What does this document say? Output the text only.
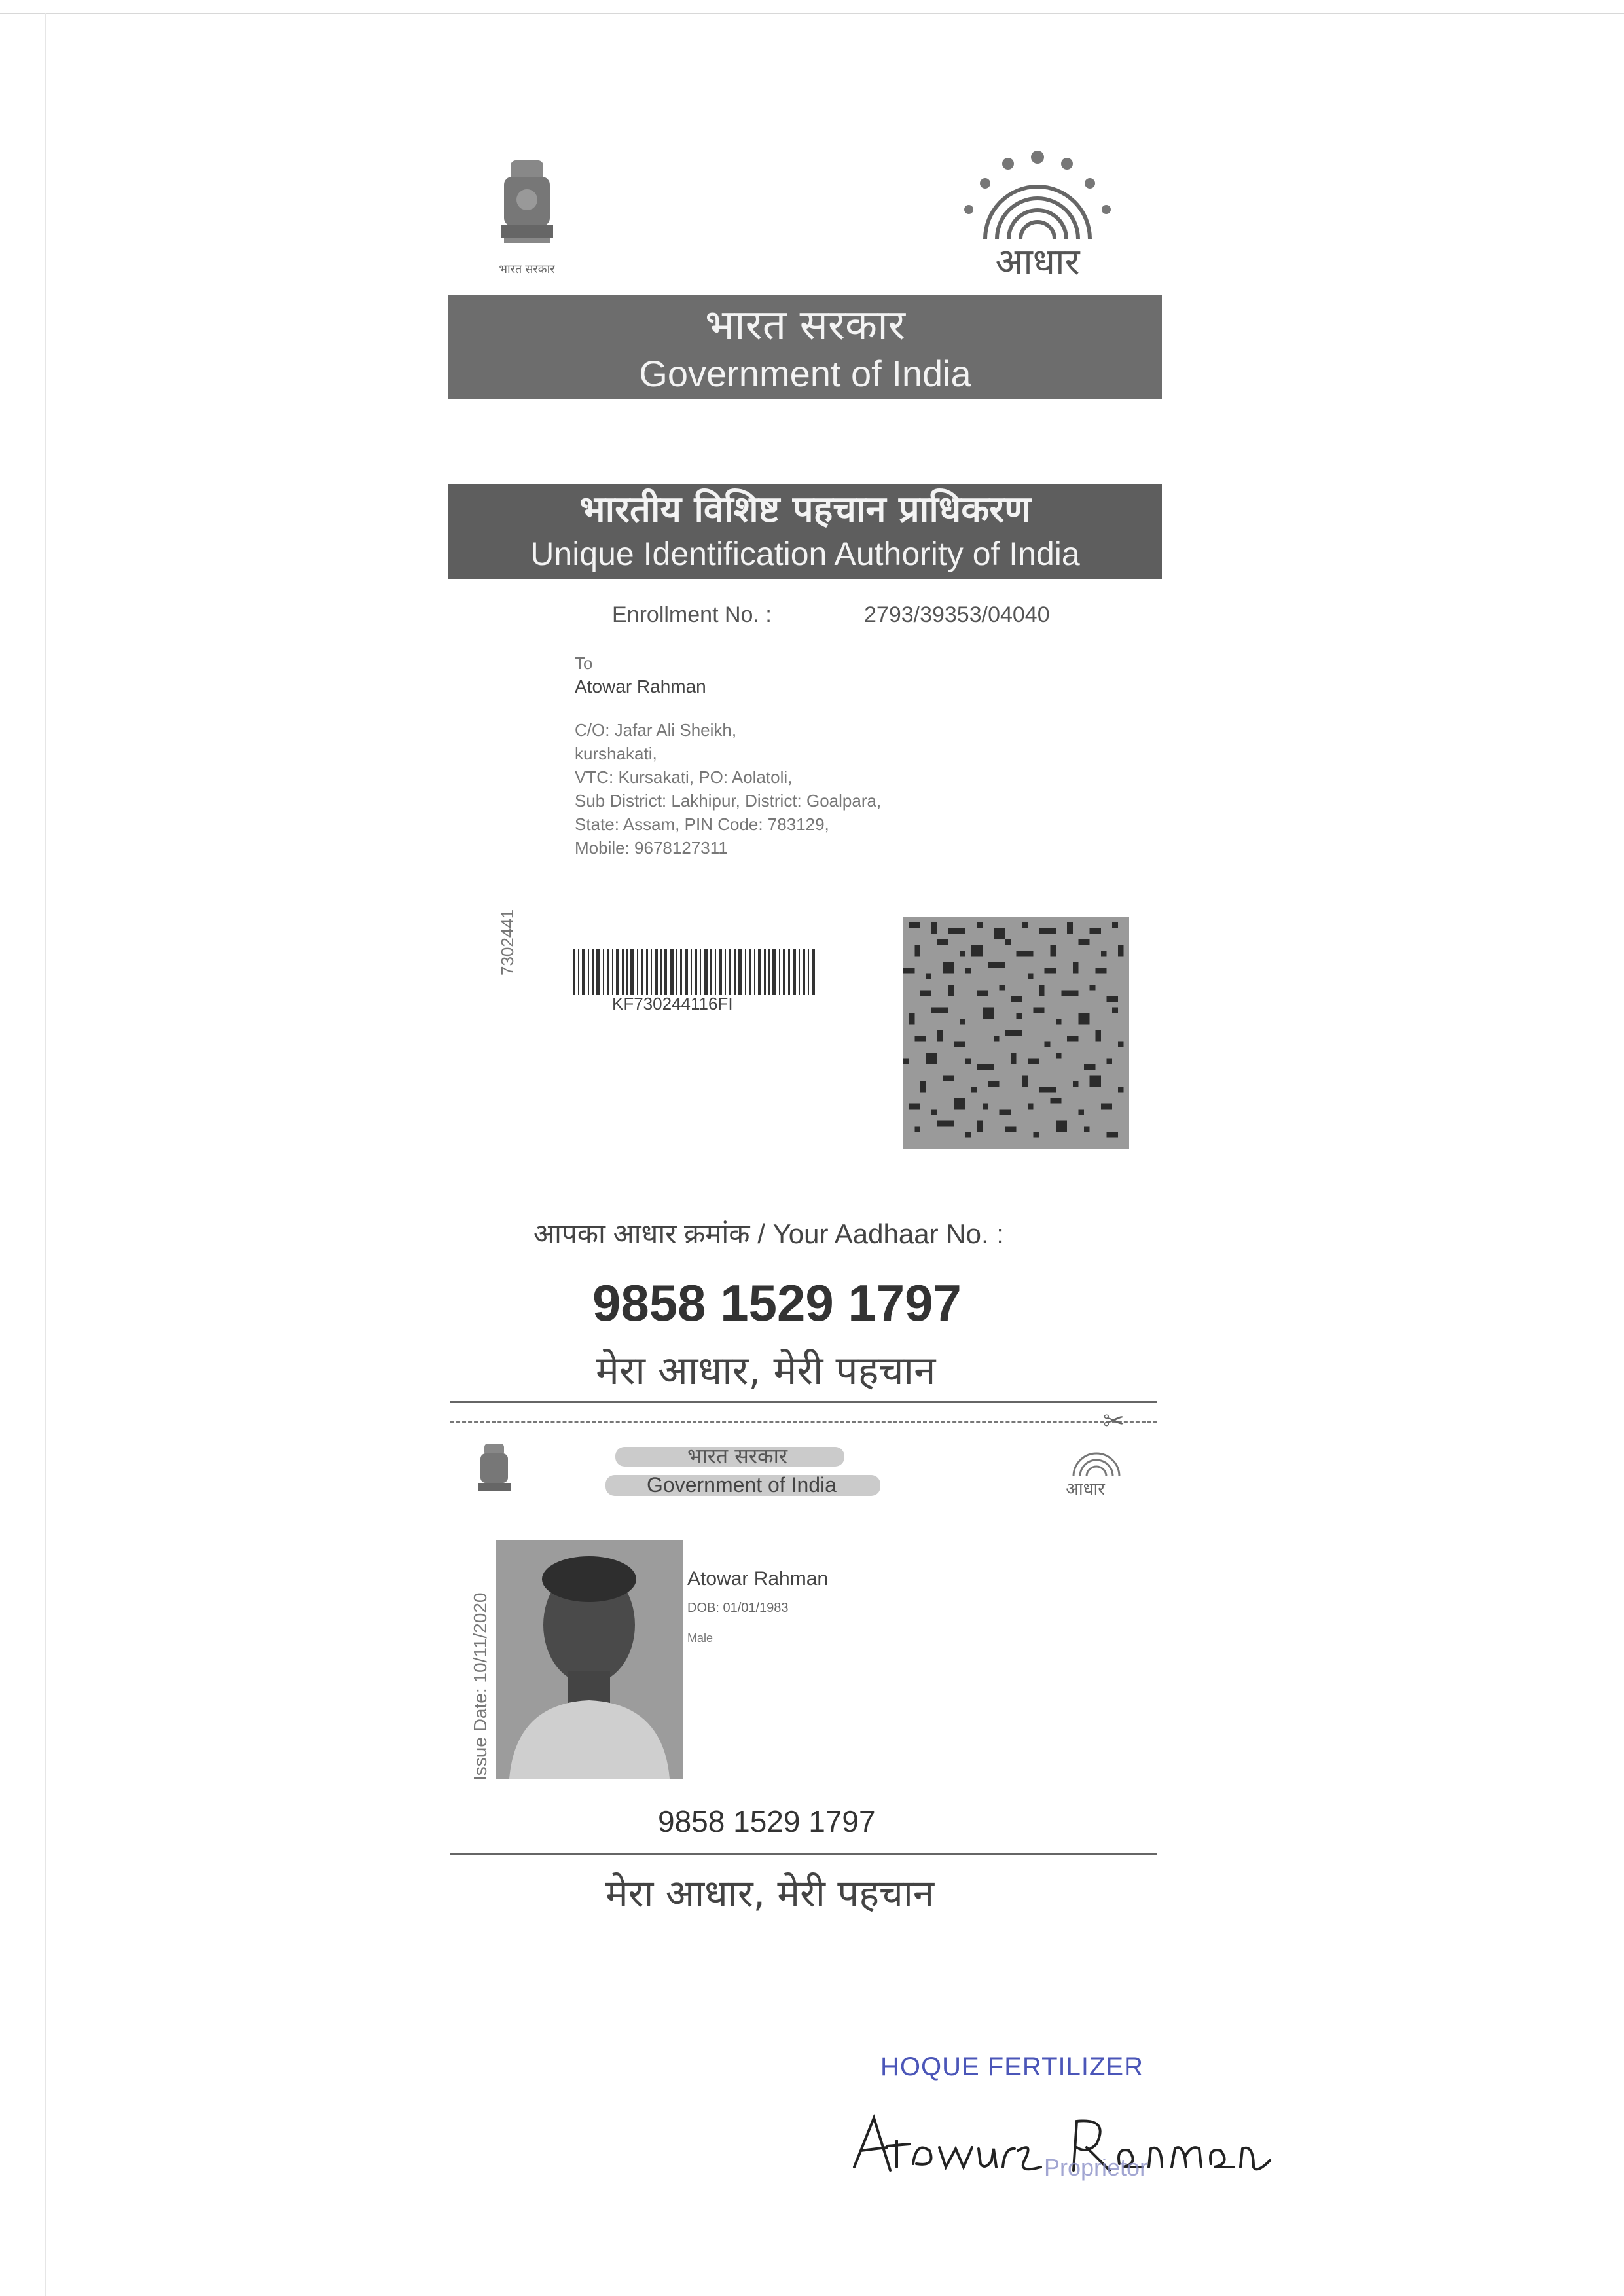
भारत सरकार	आधार
भारत सरकार
Government of India
भारतीय विशिष्ट पहचान प्राधिकरण
Unique Identification Authority of India
Enrollment No. :	2793/39353/04040
To
Atowar Rahman
C/O: Jafar Ali Sheikh,
kurshakati,
VTC: Kursakati, PO: Aolatoli,
Sub District: Lakhipur, District: Goalpara,
State: Assam, PIN Code: 783129,
Mobile: 9678127311
7302441
KF730244116FI
आपका आधार क्रमांक / Your Aadhaar No. :
9858 1529 1797
मेरा आधार, मेरी पहचान
✂
भारत सरकार
Government of India	आधार
Issue Date: 10/11/2020
Atowar Rahman
DOB: 01/01/1983
Male
9858 1529 1797
मेरा आधार, मेरी पहचान
HOQUE FERTILIZER
Proprietor
